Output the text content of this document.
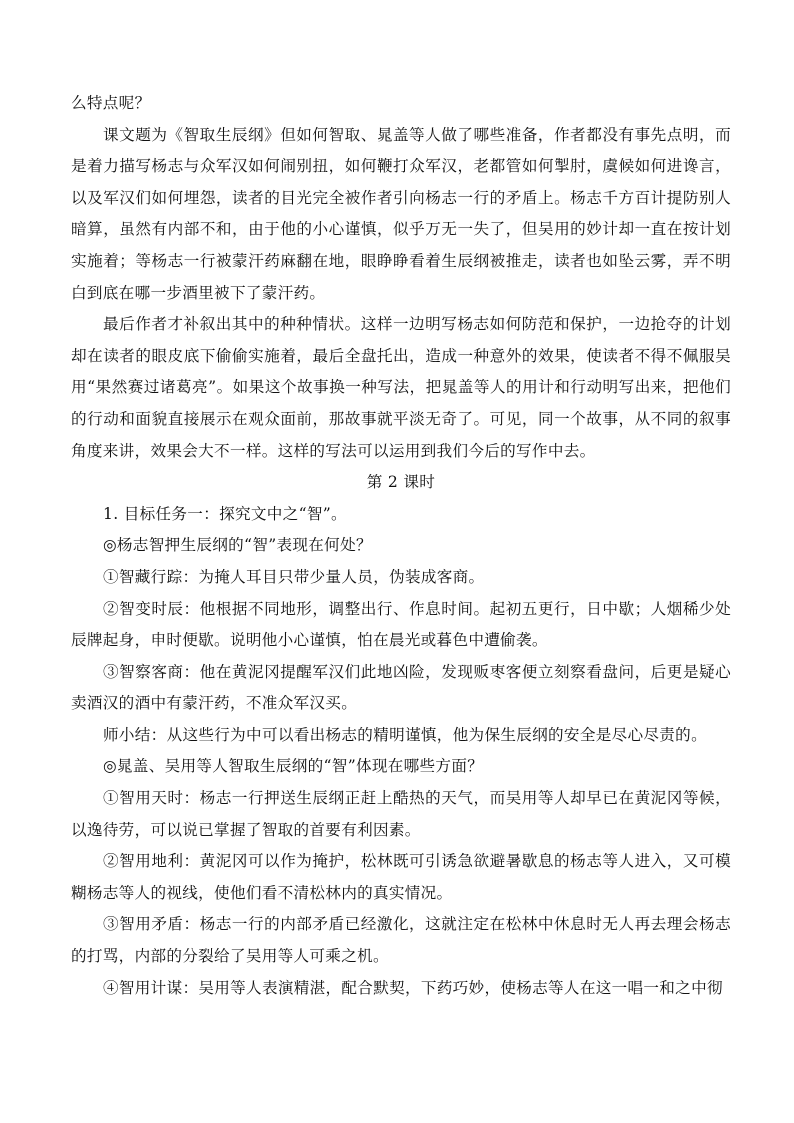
么特点呢？

课文题为《智取生辰纲》但如何智取、晁盖等人做了哪些准备，作者都没有事先点明，而是着力描写杨志与众军汉如何闹别扭，如何鞭打众军汉，老都管如何掣肘，虞候如何进谗言，以及军汉们如何埋怨，读者的目光完全被作者引向杨志一行的矛盾上。杨志千方百计提防别人暗算，虽然有内部不和，由于他的小心谨慎，似乎万无一失了，但吴用的妙计却一直在按计划实施着；等杨志一行被蒙汗药麻翻在地，眼睁睁看着生辰纲被推走，读者也如坠云雾，弄不明白到底在哪一步酒里被下了蒙汗药。

最后作者才补叙出其中的种种情状。这样一边明写杨志如何防范和保护，一边抢夺的计划却在读者的眼皮底下偷偷实施着，最后全盘托出，造成一种意外的效果，使读者不得不佩服吴用“果然赛过诸葛亮”。如果这个故事换一种写法，把晁盖等人的用计和行动明写出来，把他们的行动和面貌直接展示在观众面前，那故事就平淡无奇了。可见，同一个故事，从不同的叙事角度来讲，效果会大不一样。这样的写法可以运用到我们今后的写作中去。

第 2 课时

1. 目标任务一：探究文中之“智”。

◎杨志智押生辰纲的“智”表现在何处？

①智藏行踪：为掩人耳目只带少量人员，伪装成客商。

②智变时辰：他根据不同地形，调整出行、作息时间。起初五更行，日中歇；人烟稀少处辰牌起身，申时便歇。说明他小心谨慎，怕在晨光或暮色中遭偷袭。

③智察客商：他在黄泥冈提醒军汉们此地凶险，发现贩枣客便立刻察看盘问，后更是疑心卖酒汉的酒中有蒙汗药，不准众军汉买。

师小结：从这些行为中可以看出杨志的精明谨慎，他为保生辰纲的安全是尽心尽责的。

◎晁盖、吴用等人智取生辰纲的“智”体现在哪些方面？

①智用天时：杨志一行押送生辰纲正赶上酷热的天气，而吴用等人却早已在黄泥冈等候，以逸待劳，可以说已掌握了智取的首要有利因素。

②智用地利：黄泥冈可以作为掩护，松林既可引诱急欲避暑歇息的杨志等人进入，又可模糊杨志等人的视线，使他们看不清松林内的真实情况。

③智用矛盾：杨志一行的内部矛盾已经激化，这就注定在松林中休息时无人再去理会杨志的打骂，内部的分裂给了吴用等人可乘之机。

④智用计谋：吴用等人表演精湛，配合默契，下药巧妙，使杨志等人在这一唱一和之中彻
